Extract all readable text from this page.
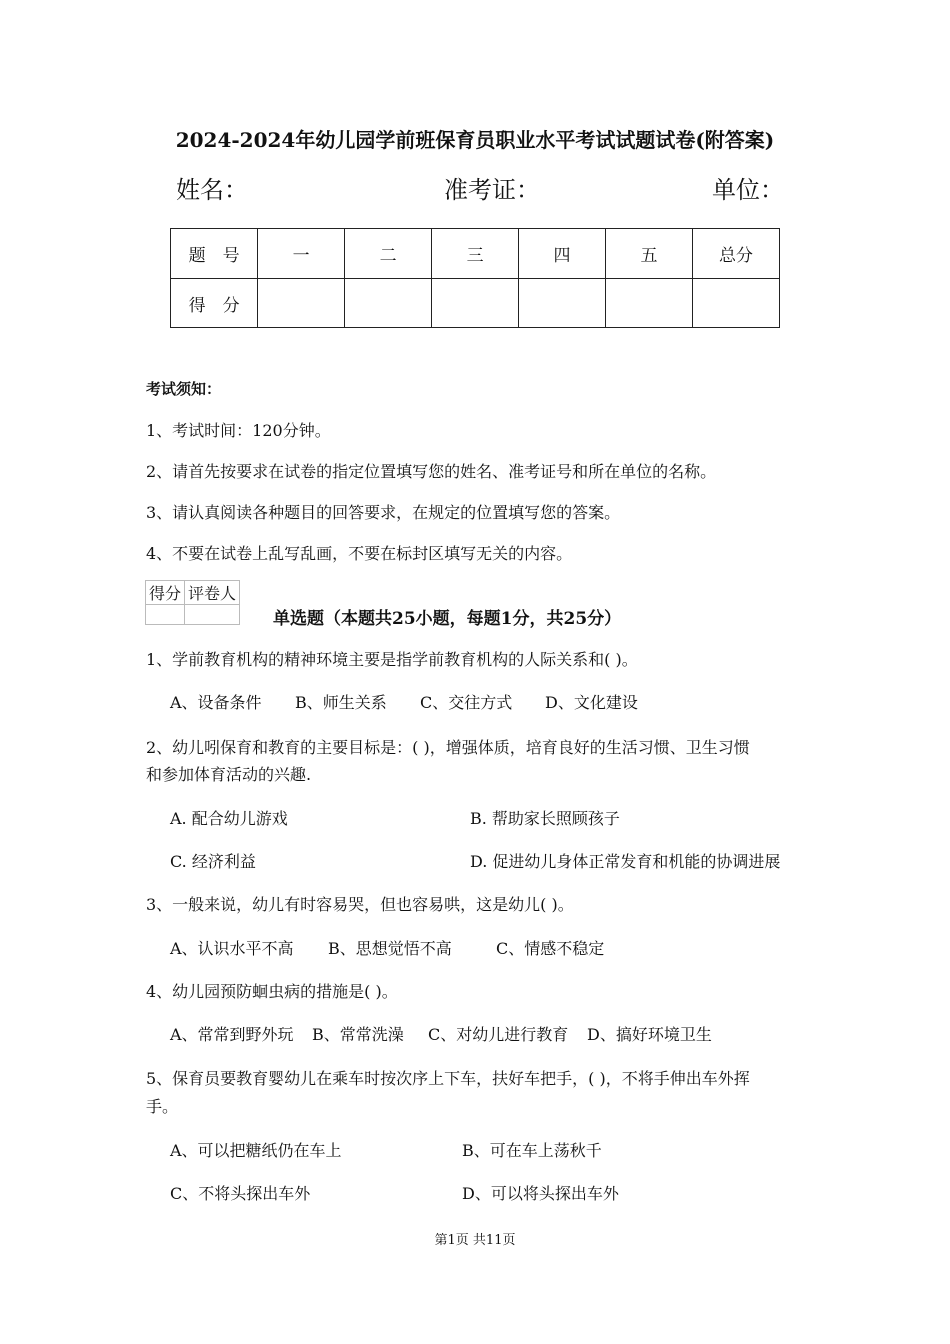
2024-2024年幼儿园学前班保育员职业水平考试试题试卷(附答案)
姓名：	准考证：	单位：
题　号	一	二	三	四	五	总分
得　分						
考试须知：
1、考试时间：120分钟。
2、请首先按要求在试卷的指定位置填写您的姓名、准考证号和所在单位的名称。
3、请认真阅读各种题目的回答要求，在规定的位置填写您的答案。
4、不要在试卷上乱写乱画，不要在标封区填写无关的内容。
得分	评卷人

单选题（本题共25小题，每题1分，共25分）
1、学前教育机构的精神环境主要是指学前教育机构的人际关系和( )。
A、设备条件 B、师生关系 C、交往方式 D、文化建设
2、幼儿吲保育和教育的主要目标是：( )，增强体质，培育良好的生活习惯、卫生习惯
和参加体育活动的兴趣.
A. 配合幼儿游戏	B. 帮助家长照顾孩子
C. 经济利益	D. 促进幼儿身体正常发育和机能的协调进展
3、一般来说，幼儿有时容易哭，但也容易哄，这是幼儿( )。
A、认识水平不高 B、思想觉悟不高	C、情感不稳定
4、幼儿园预防蛔虫病的措施是( )。
A、常常到野外玩 B、常常洗澡 C、对幼儿进行教育 D、搞好环境卫生
5、保育员要教育婴幼儿在乘车时按次序上下车，扶好车把手，( )，不将手伸出车外挥
手。
A、可以把糖纸仍在车上	B、可在车上荡秋千
C、不将头探出车外	D、可以将头探出车外
第1页 共11页
